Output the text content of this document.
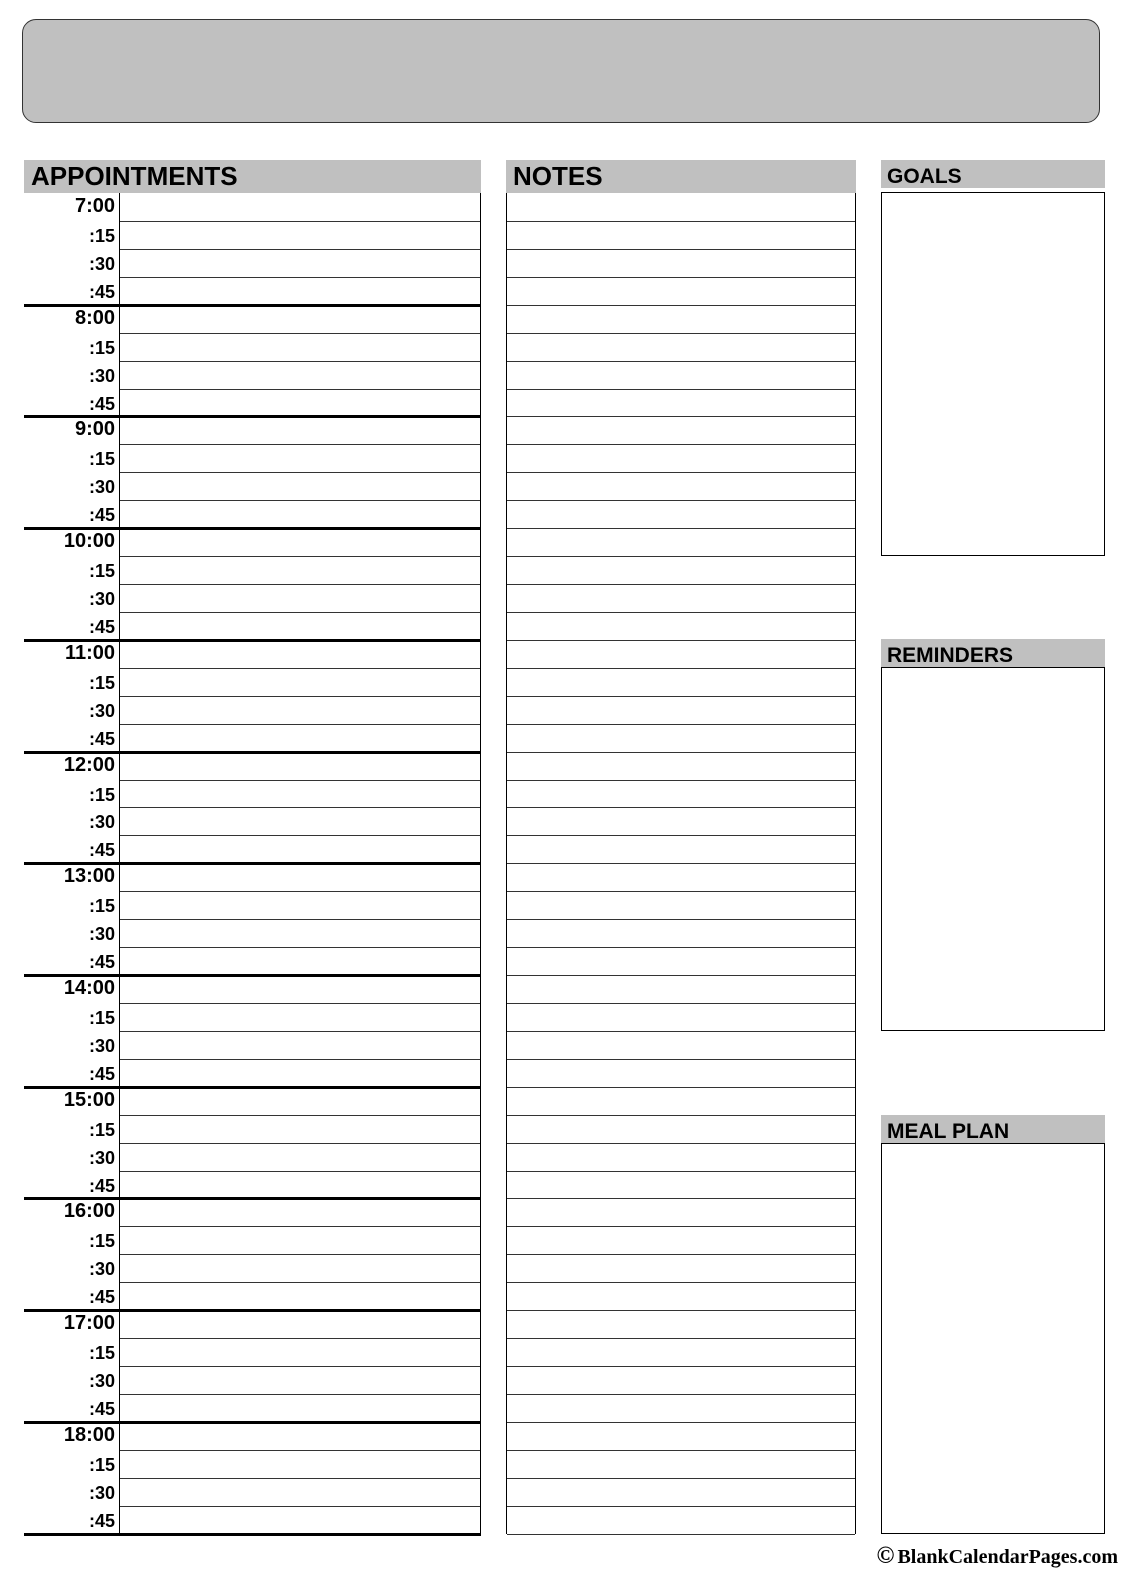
APPOINTMENTS	NOTES
7:00
:15
:30
:45
8:00
:15
:30
:45
9:00
:15
:30
:45
10:00
:15
:30
:45
11:00
:15
:30
:45
12:00
:15
:30
:45
13:00
:15
:30
:45
14:00
:15
:30
:45
15:00
:15
:30
:45
16:00
:15
:30
:45
17:00
:15
:30
:45
18:00
:15
:30
:45
GOALS
REMINDERS
MEAL PLAN
© BlankCalendarPages.com
